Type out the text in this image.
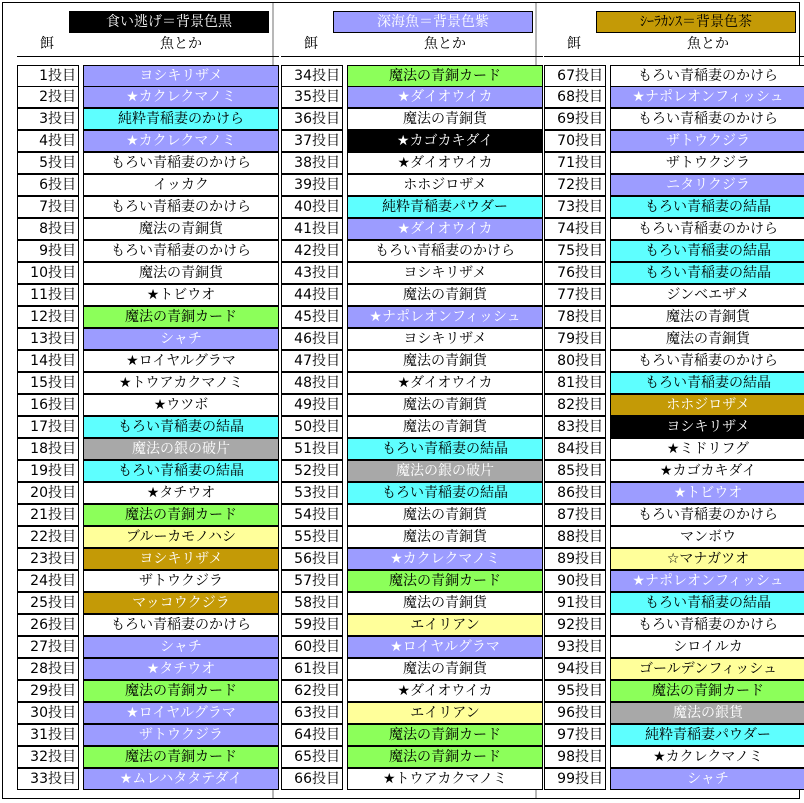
食い逃げ＝背景色黒
餌	魚とか
1投目	ヨシキリザメ
2投目	★カクレクマノミ
3投目	純粋青稲妻のかけら
4投目	★カクレクマノミ
5投目	もろい青稲妻のかけら
6投目	イッカク
7投目	もろい青稲妻のかけら
8投目	魔法の青銅貨
9投目	もろい青稲妻のかけら
10投目	魔法の青銅貨
11投目	★トビウオ
12投目	魔法の青銅カード
13投目	シャチ
14投目	★ロイヤルグラマ
15投目	★トウアカクマノミ
16投目	★ウツボ
17投目	もろい青稲妻の結晶
18投目	魔法の銀の破片
19投目	もろい青稲妻の結晶
20投目	★タチウオ
21投目	魔法の青銅カード
22投目	ブルーカモノハシ
23投目	ヨシキリザメ
24投目	ザトウクジラ
25投目	マッコウクジラ
26投目	もろい青稲妻のかけら
27投目	シャチ
28投目	★タチウオ
29投目	魔法の青銅カード
30投目	★ロイヤルグラマ
31投目	ザトウクジラ
32投目	魔法の青銅カード
33投目	★ムレハタタテダイ
深海魚＝背景色紫
餌	魚とか
34投目	魔法の青銅カード
35投目	★ダイオウイカ
36投目	魔法の青銅貨
37投目	★カゴカキダイ
38投目	★ダイオウイカ
39投目	ホホジロザメ
40投目	純粋青稲妻パウダー
41投目	★ダイオウイカ
42投目	もろい青稲妻のかけら
43投目	ヨシキリザメ
44投目	魔法の青銅貨
45投目	★ナポレオンフィッシュ
46投目	ヨシキリザメ
47投目	魔法の青銅貨
48投目	★ダイオウイカ
49投目	魔法の青銅貨
50投目	魔法の青銅貨
51投目	もろい青稲妻の結晶
52投目	魔法の銀の破片
53投目	もろい青稲妻の結晶
54投目	魔法の青銅貨
55投目	魔法の青銅貨
56投目	★カクレクマノミ
57投目	魔法の青銅カード
58投目	魔法の青銅貨
59投目	エイリアン
60投目	★ロイヤルグラマ
61投目	魔法の青銅貨
62投目	★ダイオウイカ
63投目	エイリアン
64投目	魔法の青銅カード
65投目	魔法の青銅カード
66投目	★トウアカクマノミ
ｼｰﾗｶﾝｽ＝背景色茶
餌	魚とか
67投目	もろい青稲妻のかけら
68投目	★ナポレオンフィッシュ
69投目	もろい青稲妻のかけら
70投目	ザトウクジラ
71投目	ザトウクジラ
72投目	ニタリクジラ
73投目	もろい青稲妻の結晶
74投目	もろい青稲妻のかけら
75投目	もろい青稲妻の結晶
76投目	もろい青稲妻の結晶
77投目	ジンベエザメ
78投目	魔法の青銅貨
79投目	魔法の青銅貨
80投目	もろい青稲妻のかけら
81投目	もろい青稲妻の結晶
82投目	ホホジロザメ
83投目	ヨシキリザメ
84投目	★ミドリフグ
85投目	★カゴカキダイ
86投目	★トビウオ
87投目	もろい青稲妻のかけら
88投目	マンボウ
89投目	☆マナガツオ
90投目	★ナポレオンフィッシュ
91投目	もろい青稲妻の結晶
92投目	もろい青稲妻のかけら
93投目	シロイルカ
94投目	ゴールデンフィッシュ
95投目	魔法の青銅カード
96投目	魔法の銀貨
97投目	純粋青稲妻パウダー
98投目	★カクレクマノミ
99投目	シャチ
